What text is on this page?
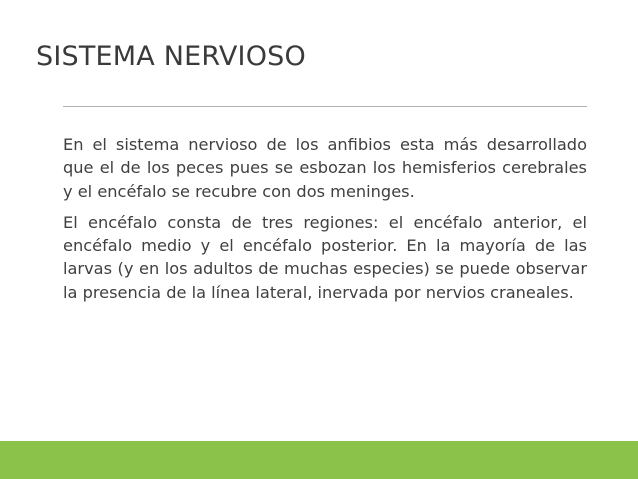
SISTEMA NERVIOSO

En el sistema nervioso de los anfibios esta más desarrollado que el de los peces pues se esbozan los hemisferios cerebrales y el encéfalo se recubre con dos meninges.

El encéfalo consta de tres regiones: el encéfalo anterior, el encéfalo medio y el encéfalo posterior. En la mayoría de las larvas (y en los adultos de muchas especies) se puede observar la presencia de la línea lateral, inervada por nervios craneales.
